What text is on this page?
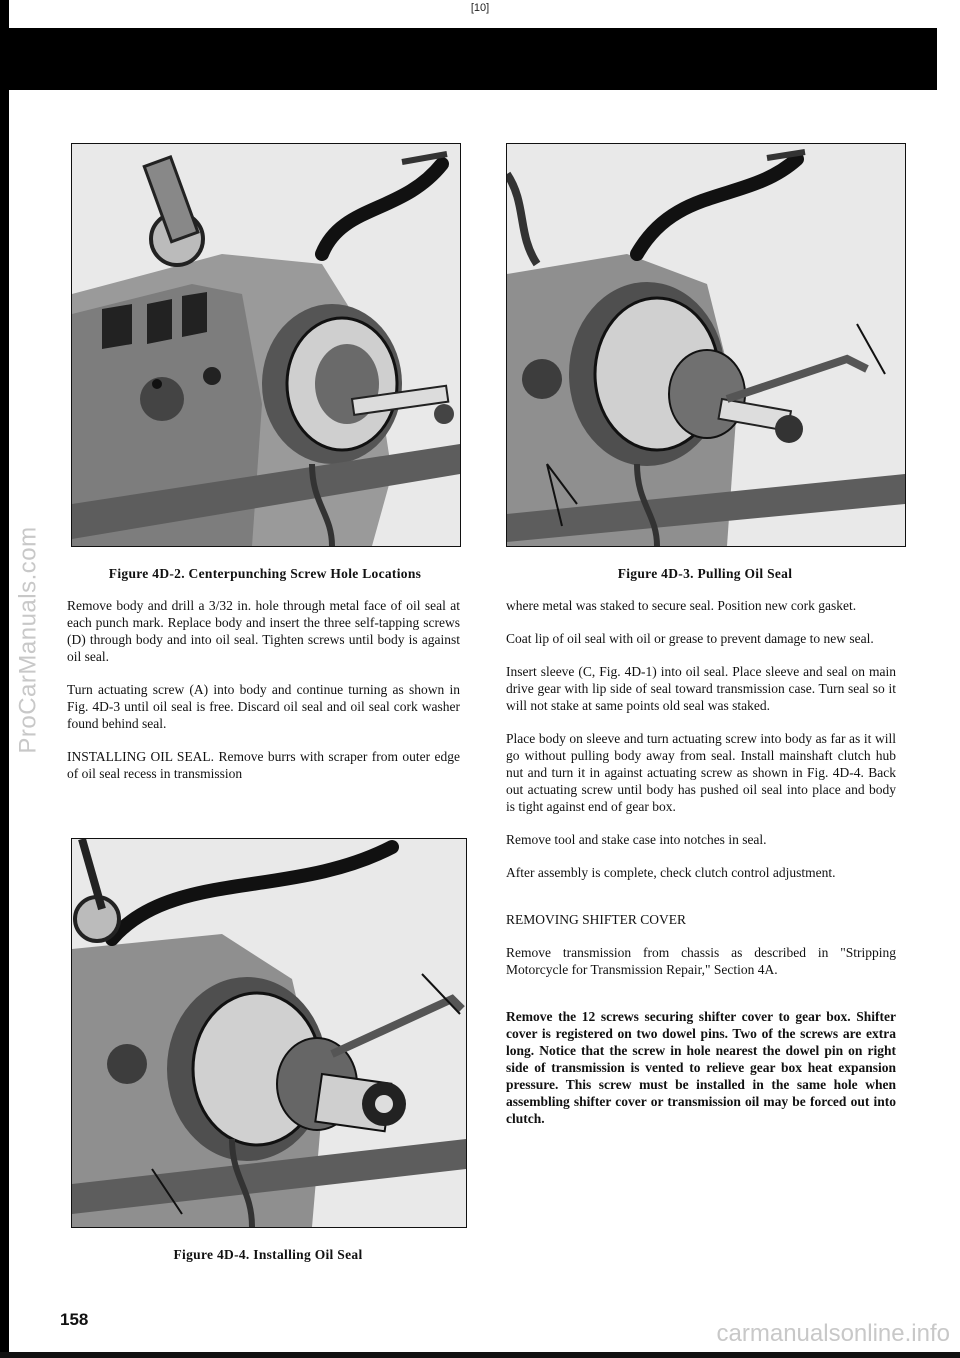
[10]
ProCarManuals.com	Figure 4D-2. Centerpunching Screw Hole Locations	Figure 4D-3. Pulling Oil Seal
Figure 4D-4. Installing Oil Seal

Remove body and drill a 3/32 in. hole through metal face of oil seal at each punch mark. Replace body and insert the three self-tapping screws (D) through body and into oil seal. Tighten screws until body is against oil seal.

Turn actuating screw (A) into body and continue turning as shown in Fig. 4D-3 until oil seal is free. Discard oil seal and oil seal cork washer found behind seal.

INSTALLING OIL SEAL. Remove burrs with scraper from outer edge of oil seal recess in transmission

where metal was staked to secure seal. Position new cork gasket.

Coat lip of oil seal with oil or grease to prevent damage to new seal.

Insert sleeve (C, Fig. 4D-1) into oil seal. Place sleeve and seal on main drive gear with lip side of seal toward transmission case. Turn seal so it will not stake at same points old seal was staked.

Place body on sleeve and turn actuating screw into body as far as it will go without pulling body away from seal. Install mainshaft clutch hub nut and turn it in against actuating screw as shown in Fig. 4D-4. Back out actuating screw until body has pushed oil seal into place and body is tight against end of gear box.

Remove tool and stake case into notches in seal.

After assembly is complete, check clutch control adjustment.

REMOVING SHIFTER COVER

Remove transmission from chassis as described in "Stripping Motorcycle for Transmission Repair," Section 4A.

Remove the 12 screws securing shifter cover to gear box. Shifter cover is registered on two dowel pins. Two of the screws are extra long. Notice that the screw in hole nearest the dowel pin on right side of transmission is vented to relieve gear box heat expansion pressure. This screw must be installed in the same hole when assembling shifter cover or transmission oil may be forced out into clutch.

158
carmanualsonline.info
